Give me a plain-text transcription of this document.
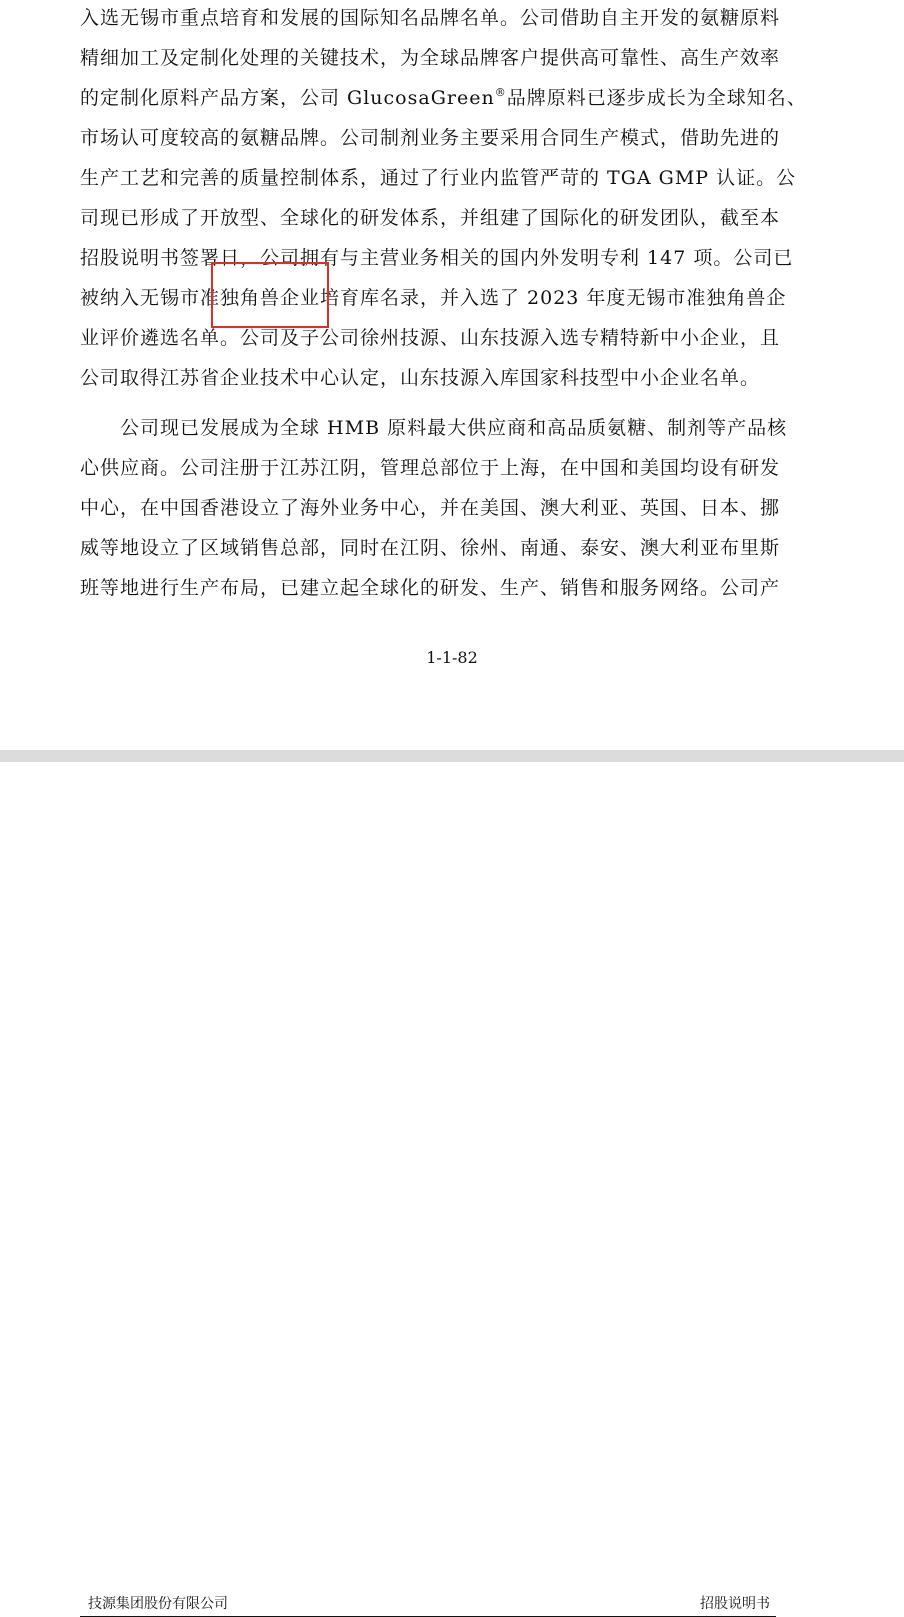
入选无锡市重点培育和发展的国际知名品牌名单。公司借助自主开发的氨糖原料
精细加工及定制化处理的关键技术，为全球品牌客户提供高可靠性、高生产效率
的定制化原料产品方案，公司 GlucosaGreen®品牌原料已逐步成长为全球知名、
市场认可度较高的氨糖品牌。公司制剂业务主要采用合同生产模式，借助先进的
生产工艺和完善的质量控制体系，通过了行业内监管严苛的 TGA GMP 认证。公
司现已形成了开放型、全球化的研发体系，并组建了国际化的研发团队，截至本
招股说明书签署日，公司拥有与主营业务相关的国内外发明专利 147 项。公司已
被纳入无锡市准独角兽企业培育库名录，并入选了 2023 年度无锡市准独角兽企
业评价遴选名单。公司及子公司徐州技源、山东技源入选专精特新中小企业，且
公司取得江苏省企业技术中心认定，山东技源入库国家科技型中小企业名单。
公司现已发展成为全球 HMB 原料最大供应商和高品质氨糖、制剂等产品核
心供应商。公司注册于江苏江阴，管理总部位于上海，在中国和美国均设有研发
中心，在中国香港设立了海外业务中心，并在美国、澳大利亚、英国、日本、挪
威等地设立了区域销售总部，同时在江阴、徐州、南通、泰安、澳大利亚布里斯
班等地进行生产布局，已建立起全球化的研发、生产、销售和服务网络。公司产
1-1-82
技源集团股份有限公司	招股说明书
